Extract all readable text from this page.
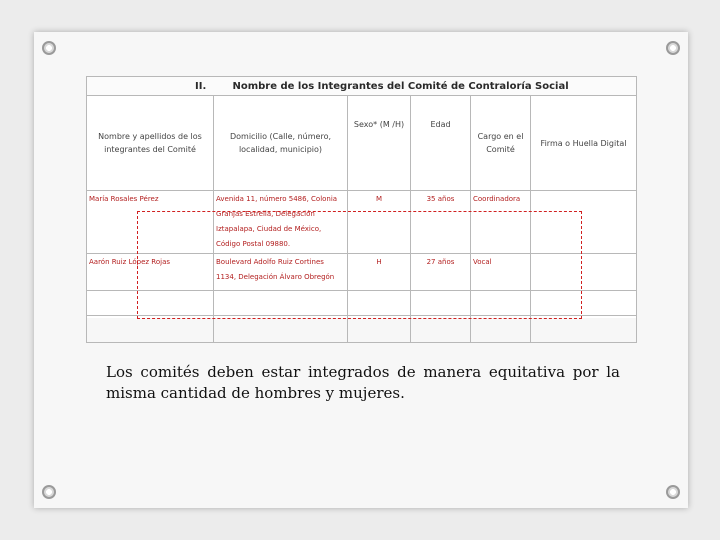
II. Nombre de los Integrantes del Comité de Contraloría Social					
Nombre y apellidos de los integrantes del Comité	Domicilio (Calle, número, localidad, municipio)	Sexo* (M /H)	Edad	Cargo en el Comité	Firma o Huella Digital
María Rosales Pérez	Avenida 11, número 5486, Colonia Granjas Estrella, Delegación Iztapalapa, Ciudad de México, Código Postal 09880.	M	35 años	Coordinadora	
Aarón Ruiz López Rojas	Boulevard Adolfo Ruiz Cortines 1134, Delegación Álvaro Obregón	H	27 años	Vocal	

Los comités deben estar integrados de manera equitativa por la misma cantidad de hombres y mujeres.
